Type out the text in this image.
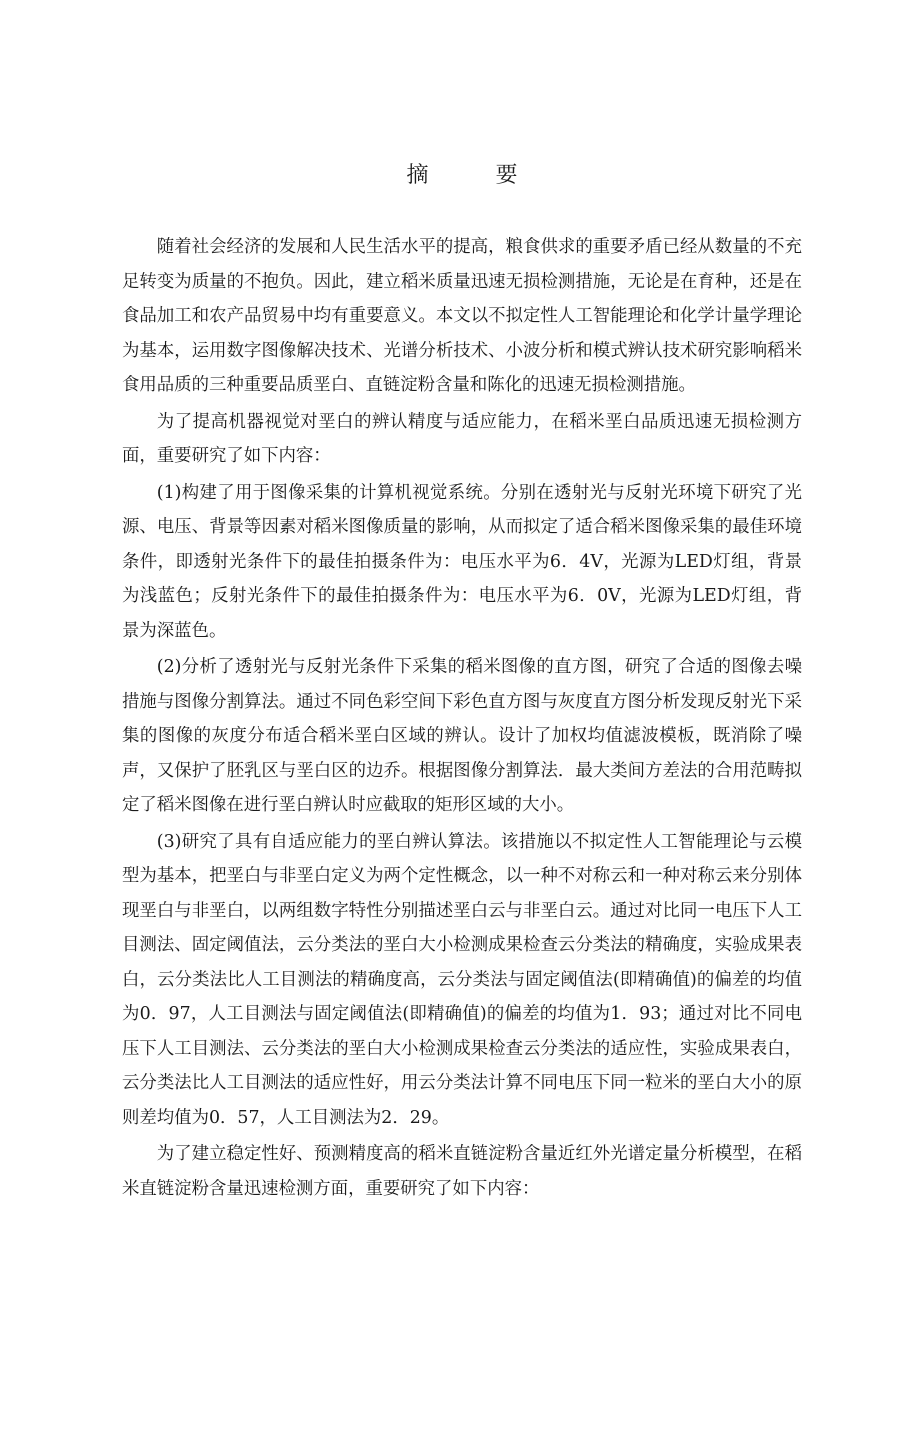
摘 要

随着社会经济的发展和人民生活水平的提高，粮食供求的重要矛盾已经从数量的不充足转变为质量的不抱负。因此，建立稻米质量迅速无损检测措施，无论是在育种，还是在食品加工和农产品贸易中均有重要意义。本文以不拟定性人工智能理论和化学计量学理论为基本，运用数字图像解决技术、光谱分析技术、小波分析和模式辨认技术研究影响稻米食用品质的三种重要品质垩白、直链淀粉含量和陈化的迅速无损检测措施。

为了提高机器视觉对垩白的辨认精度与适应能力，在稻米垩白品质迅速无损检测方面，重要研究了如下内容：

(1)构建了用于图像采集的计算机视觉系统。分别在透射光与反射光环境下研究了光源、电压、背景等因素对稻米图像质量的影响，从而拟定了适合稻米图像采集的最佳环境条件，即透射光条件下的最佳拍摄条件为：电压水平为6．4V，光源为LED灯组，背景为浅蓝色；反射光条件下的最佳拍摄条件为：电压水平为6．0V，光源为LED灯组，背景为深蓝色。

(2)分析了透射光与反射光条件下采集的稻米图像的直方图，研究了合适的图像去噪措施与图像分割算法。通过不同色彩空间下彩色直方图与灰度直方图分析发现反射光下采集的图像的灰度分布适合稻米垩白区域的辨认。设计了加权均值滤波模板，既消除了噪声，又保护了胚乳区与垩白区的边乔。根据图像分割算法．最大类间方差法的合用范畴拟定了稻米图像在进行垩白辨认时应截取的矩形区域的大小。

(3)研究了具有自适应能力的垩白辨认算法。该措施以不拟定性人工智能理论与云模型为基本，把垩白与非垩白定义为两个定性概念，以一种不对称云和一种对称云来分别体现垩白与非垩白，以两组数字特性分别描述垩白云与非垩白云。通过对比同一电压下人工目测法、固定阈值法，云分类法的垩白大小检测成果检查云分类法的精确度，实验成果表白，云分类法比人工目测法的精确度高，云分类法与固定阈值法(即精确值)的偏差的均值为0．97，人工目测法与固定阈值法(即精确值)的偏差的均值为1．93；通过对比不同电压下人工目测法、云分类法的垩白大小检测成果检查云分类法的适应性，实验成果表白，云分类法比人工目测法的适应性好，用云分类法计算不同电压下同一粒米的垩白大小的原则差均值为0．57，人工目测法为2．29。

为了建立稳定性好、预测精度高的稻米直链淀粉含量近红外光谱定量分析模型，在稻米直链淀粉含量迅速检测方面，重要研究了如下内容：
